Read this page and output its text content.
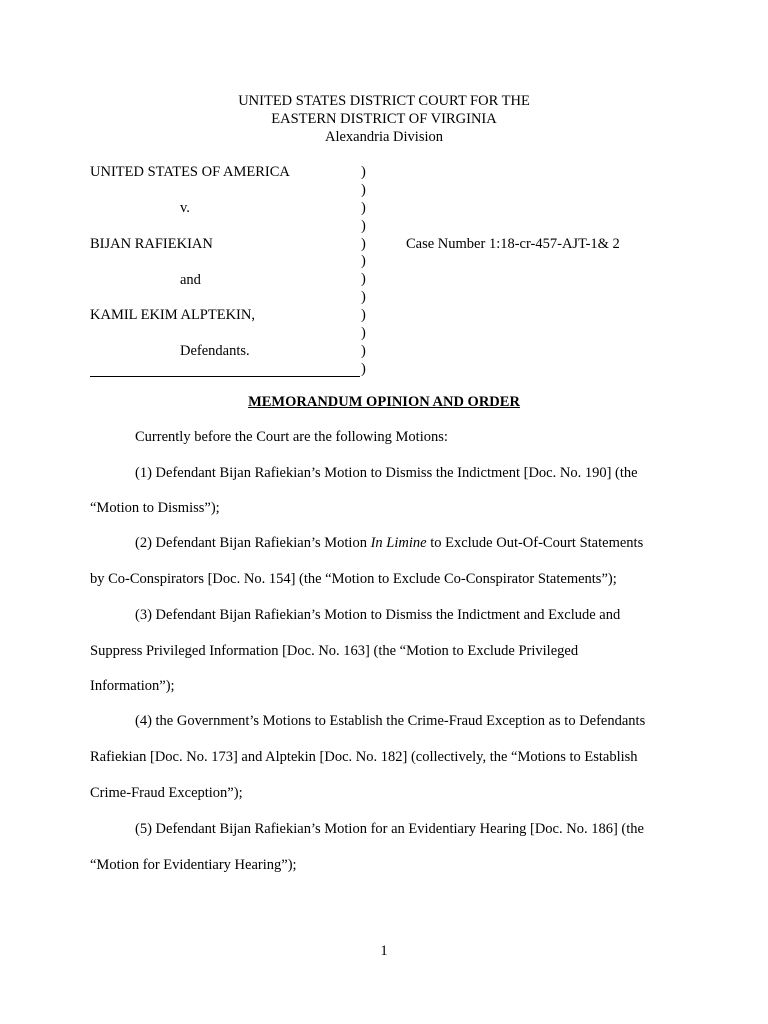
UNITED STATES DISTRICT COURT FOR THE
EASTERN DISTRICT OF VIRGINIA
Alexandria Division
UNITED STATES OF AMERICA
v.
BIJAN RAFIEKIAN
and
KAMIL EKIM ALPTEKIN,
Defendants.
)
)
)
)
)
)
)
)
)
)
)
)
Case Number 1:18-cr-457-AJT-1& 2
MEMORANDUM OPINION AND ORDER
Currently before the Court are the following Motions:
(1) Defendant Bijan Rafiekian’s Motion to Dismiss the Indictment [Doc. No. 190] (the
“Motion to Dismiss”);
(2) Defendant Bijan Rafiekian’s Motion In Limine to Exclude Out-Of-Court Statements
by Co-Conspirators [Doc. No. 154] (the “Motion to Exclude Co-Conspirator Statements”);
(3) Defendant Bijan Rafiekian’s Motion to Dismiss the Indictment and Exclude and
Suppress Privileged Information [Doc. No. 163] (the “Motion to Exclude Privileged
Information”);
(4) the Government’s Motions to Establish the Crime-Fraud Exception as to Defendants
Rafiekian [Doc. No. 173] and Alptekin [Doc. No. 182] (collectively, the “Motions to Establish
Crime-Fraud Exception”);
(5) Defendant Bijan Rafiekian’s Motion for an Evidentiary Hearing [Doc. No. 186] (the
“Motion for Evidentiary Hearing”);
1
